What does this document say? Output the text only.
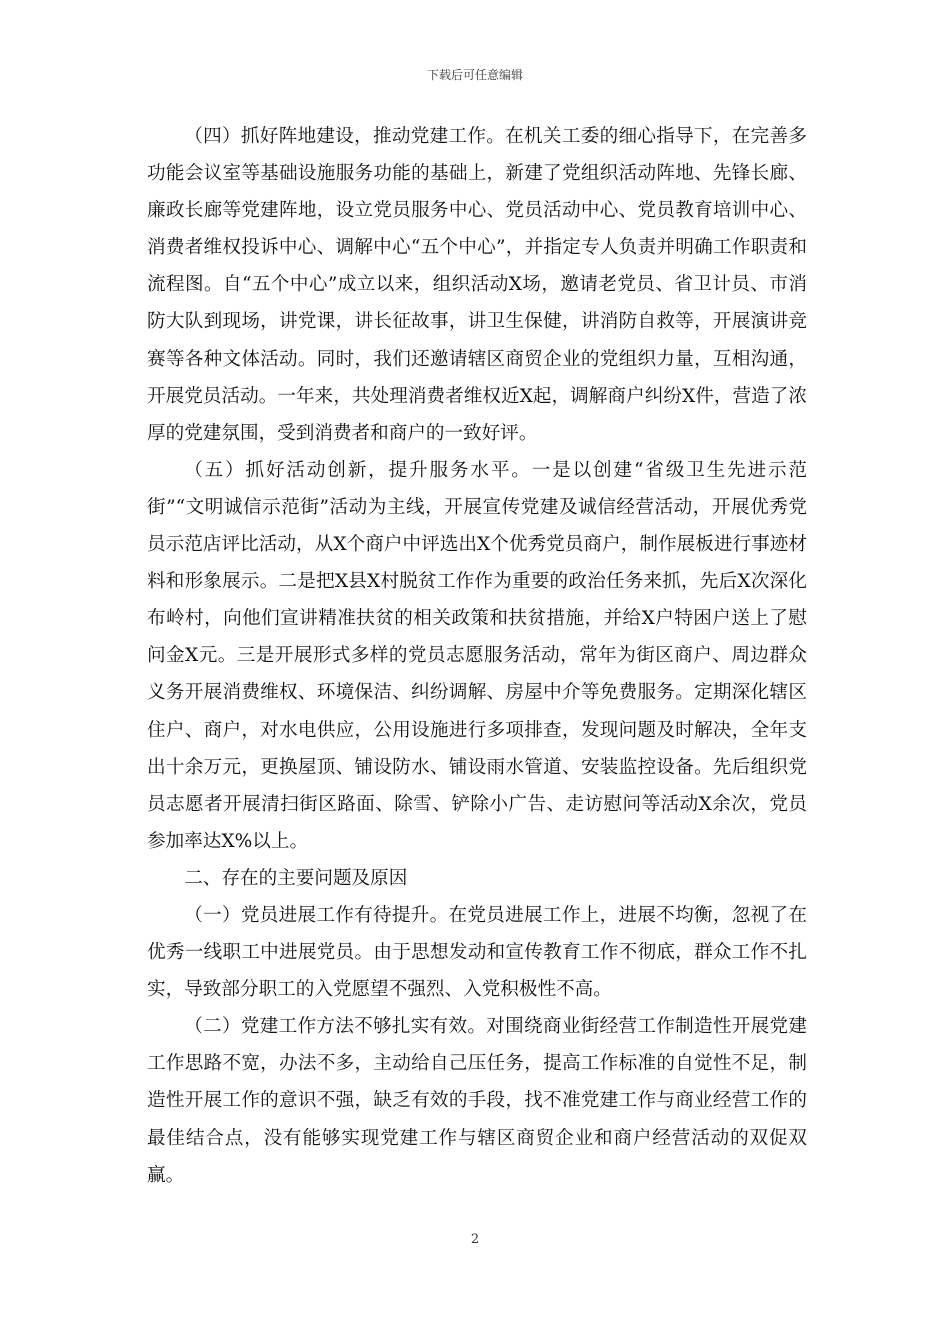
下载后可任意编辑

（四）抓好阵地建设，推动党建工作。在机关工委的细心指导下，在完善多功能会议室等基础设施服务功能的基础上，新建了党组织活动阵地、先锋长廊、廉政长廊等党建阵地，设立党员服务中心、党员活动中心、党员教育培训中心、消费者维权投诉中心、调解中心“五个中心”，并指定专人负责并明确工作职责和流程图。自“五个中心”成立以来，组织活动X场，邀请老党员、省卫计员、市消防大队到现场，讲党课，讲长征故事，讲卫生保健，讲消防自救等，开展演讲竞赛等各种文体活动。同时，我们还邀请辖区商贸企业的党组织力量，互相沟通，开展党员活动。一年来，共处理消费者维权近X起，调解商户纠纷X件，营造了浓厚的党建氛围，受到消费者和商户的一致好评。

（五）抓好活动创新，提升服务水平。一是以创建“省级卫生先进示范街”“文明诚信示范街”活动为主线，开展宣传党建及诚信经营活动，开展优秀党员示范店评比活动，从X个商户中评选出X个优秀党员商户，制作展板进行事迹材料和形象展示。二是把X县X村脱贫工作作为重要的政治任务来抓，先后X次深化布岭村，向他们宣讲精准扶贫的相关政策和扶贫措施，并给X户特困户送上了慰问金X元。三是开展形式多样的党员志愿服务活动，常年为街区商户、周边群众义务开展消费维权、环境保洁、纠纷调解、房屋中介等免费服务。定期深化辖区住户、商户，对水电供应，公用设施进行多项排查，发现问题及时解决，全年支出十余万元，更换屋顶、铺设防水、铺设雨水管道、安装监控设备。先后组织党员志愿者开展清扫街区路面、除雪、铲除小广告、走访慰问等活动X余次，党员参加率达X%以上。

二、存在的主要问题及原因

（一）党员进展工作有待提升。在党员进展工作上，进展不均衡，忽视了在优秀一线职工中进展党员。由于思想发动和宣传教育工作不彻底，群众工作不扎实，导致部分职工的入党愿望不强烈、入党积极性不高。

（二）党建工作方法不够扎实有效。对围绕商业街经营工作制造性开展党建工作思路不宽，办法不多，主动给自己压任务，提高工作标准的自觉性不足，制造性开展工作的意识不强，缺乏有效的手段，找不准党建工作与商业经营工作的最佳结合点，没有能够实现党建工作与辖区商贸企业和商户经营活动的双促双赢。

2
